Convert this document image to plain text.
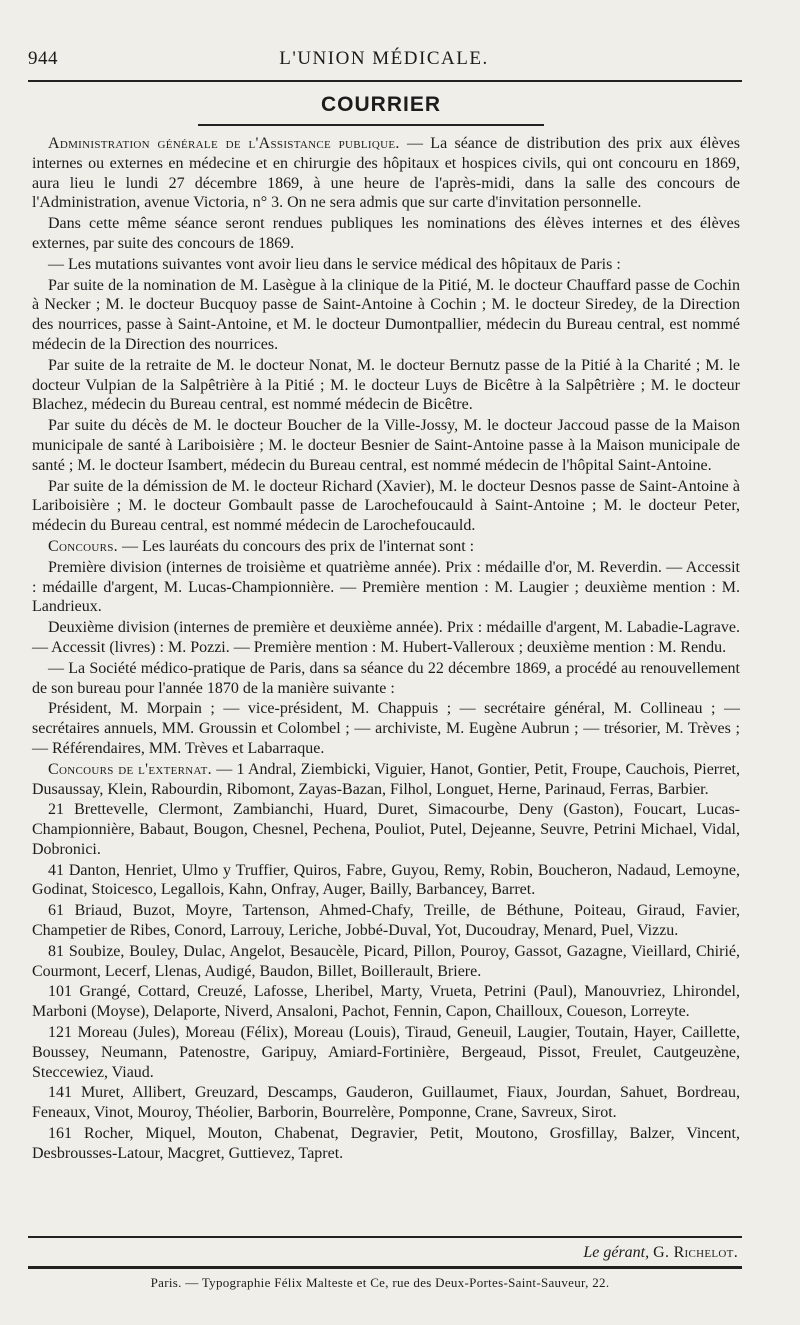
944	L'UNION MÉDICALE.
COURRIER

Administration générale de l'Assistance publique. — La séance de distribution des prix aux élèves internes ou externes en médecine et en chirurgie des hôpitaux et hospices civils, qui ont concouru en 1869, aura lieu le lundi 27 décembre 1869, à une heure de l'après-midi, dans la salle des concours de l'Administration, avenue Victoria, n° 3. On ne sera admis que sur carte d'invitation personnelle.

Dans cette même séance seront rendues publiques les nominations des élèves internes et des élèves externes, par suite des concours de 1869.

— Les mutations suivantes vont avoir lieu dans le service médical des hôpitaux de Paris :

Par suite de la nomination de M. Lasègue à la clinique de la Pitié, M. le docteur Chauffard passe de Cochin à Necker ; M. le docteur Bucquoy passe de Saint-Antoine à Cochin ; M. le docteur Siredey, de la Direction des nourrices, passe à Saint-Antoine, et M. le docteur Dumontpallier, médecin du Bureau central, est nommé médecin de la Direction des nourrices.

Par suite de la retraite de M. le docteur Nonat, M. le docteur Bernutz passe de la Pitié à la Charité ; M. le docteur Vulpian de la Salpêtrière à la Pitié ; M. le docteur Luys de Bicêtre à la Salpêtrière ; M. le docteur Blachez, médecin du Bureau central, est nommé médecin de Bicêtre.

Par suite du décès de M. le docteur Boucher de la Ville-Jossy, M. le docteur Jaccoud passe de la Maison municipale de santé à Lariboisière ; M. le docteur Besnier de Saint-Antoine passe à la Maison municipale de santé ; M. le docteur Isambert, médecin du Bureau central, est nommé médecin de l'hôpital Saint-Antoine.

Par suite de la démission de M. le docteur Richard (Xavier), M. le docteur Desnos passe de Saint-Antoine à Lariboisière ; M. le docteur Gombault passe de Larochefoucauld à Saint-Antoine ; M. le docteur Peter, médecin du Bureau central, est nommé médecin de Larochefoucauld.

Concours. — Les lauréats du concours des prix de l'internat sont :

Première division (internes de troisième et quatrième année). Prix : médaille d'or, M. Reverdin. — Accessit : médaille d'argent, M. Lucas-Championnière. — Première mention : M. Laugier ; deuxième mention : M. Landrieux.

Deuxième division (internes de première et deuxième année). Prix : médaille d'argent, M. Labadie-Lagrave. — Accessit (livres) : M. Pozzi. — Première mention : M. Hubert-Valleroux ; deuxième mention : M. Rendu.

— La Société médico-pratique de Paris, dans sa séance du 22 décembre 1869, a procédé au renouvellement de son bureau pour l'année 1870 de la manière suivante :

Président, M. Morpain ; — vice-président, M. Chappuis ; — secrétaire général, M. Collineau ; — secrétaires annuels, MM. Groussin et Colombel ; — archiviste, M. Eugène Aubrun ; — trésorier, M. Trèves ; — Référendaires, MM. Trèves et Labarraque.

Concours de l'externat. — 1 Andral, Ziembicki, Viguier, Hanot, Gontier, Petit, Froupe, Cauchois, Pierret, Dusaussay, Klein, Rabourdin, Ribomont, Zayas-Bazan, Filhol, Longuet, Herne, Parinaud, Ferras, Barbier.

21 Brettevelle, Clermont, Zambianchi, Huard, Duret, Simacourbe, Deny (Gaston), Foucart, Lucas-Championnière, Babaut, Bougon, Chesnel, Pechena, Pouliot, Putel, Dejeanne, Seuvre, Petrini Michael, Vidal, Dobronici.

41 Danton, Henriet, Ulmo y Truffier, Quiros, Fabre, Guyou, Remy, Robin, Boucheron, Nadaud, Lemoyne, Godinat, Stoicesco, Legallois, Kahn, Onfray, Auger, Bailly, Barbancey, Barret.

61 Briaud, Buzot, Moyre, Tartenson, Ahmed-Chafy, Treille, de Béthune, Poiteau, Giraud, Favier, Champetier de Ribes, Conord, Larrouy, Leriche, Jobbé-Duval, Yot, Ducoudray, Menard, Puel, Vizzu.

81 Soubize, Bouley, Dulac, Angelot, Besaucèle, Picard, Pillon, Pouroy, Gassot, Gazagne, Vieillard, Chirié, Courmont, Lecerf, Llenas, Audigé, Baudon, Billet, Boillerault, Briere.

101 Grangé, Cottard, Creuzé, Lafosse, Lheribel, Marty, Vrueta, Petrini (Paul), Manouvriez, Lhirondel, Marboni (Moyse), Delaporte, Niverd, Ansaloni, Pachot, Fennin, Capon, Chailloux, Coueson, Lorreyte.

121 Moreau (Jules), Moreau (Félix), Moreau (Louis), Tiraud, Geneuil, Laugier, Toutain, Hayer, Caillette, Boussey, Neumann, Patenostre, Garipuy, Amiard-Fortinière, Bergeaud, Pissot, Freulet, Cautgeuzène, Steccewiez, Viaud.

141 Muret, Allibert, Greuzard, Descamps, Gauderon, Guillaumet, Fiaux, Jourdan, Sahuet, Bordreau, Feneaux, Vinot, Mouroy, Théolier, Barborin, Bourrelère, Pomponne, Crane, Savreux, Sirot.

161 Rocher, Miquel, Mouton, Chabenat, Degravier, Petit, Moutono, Grosfillay, Balzer, Vincent, Desbrousses-Latour, Macgret, Guttievez, Tapret.

Le gérant, G. Richelot.
Paris. — Typographie Félix Malteste et Ce, rue des Deux-Portes-Saint-Sauveur, 22.
